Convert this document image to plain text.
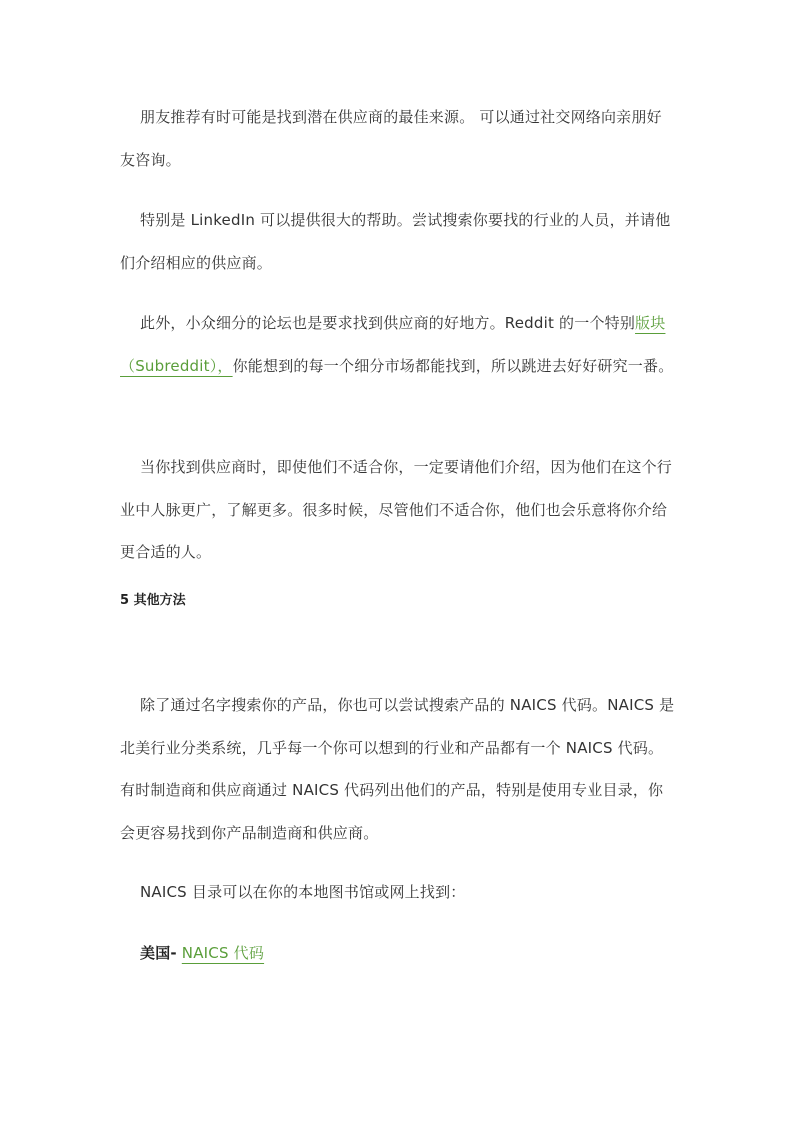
朋友推荐有时可能是找到潜在供应商的最佳来源。 可以通过社交网络向亲朋好友咨询。

特别是 LinkedIn 可以提供很大的帮助。尝试搜索你要找的行业的人员，并请他们介绍相应的供应商。

此外，小众细分的论坛也是要求找到供应商的好地方。Reddit 的一个特别版块（Subreddit），你能想到的每一个细分市场都能找到，所以跳进去好好研究一番。

当你找到供应商时，即使他们不适合你，一定要请他们介绍，因为他们在这个行业中人脉更广，了解更多。很多时候，尽管他们不适合你，他们也会乐意将你介给更合适的人。

5 其他方法

除了通过名字搜索你的产品，你也可以尝试搜索产品的 NAICS 代码。NAICS 是北美行业分类系统，几乎每一个你可以想到的行业和产品都有一个 NAICS 代码。 有时制造商和供应商通过 NAICS 代码列出他们的产品，特别是使用专业目录，你会更容易找到你产品制造商和供应商。

NAICS 目录可以在你的本地图书馆或网上找到：

美国- NAICS 代码
